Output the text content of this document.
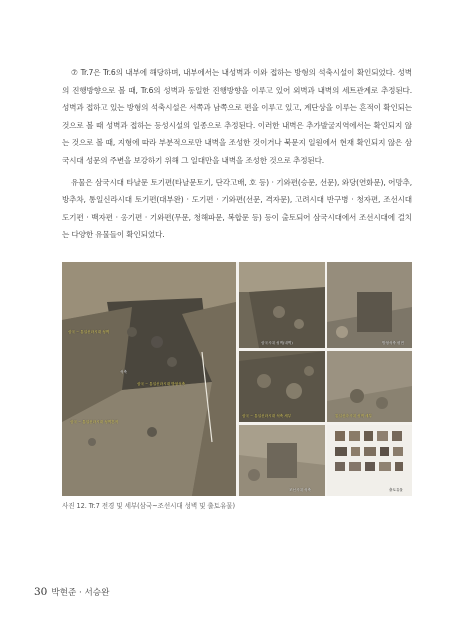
⑦ Tr.7은 Tr.6의 내부에 해당하며, 내부에서는 내성벽과 이와 접하는 방형의 석축시설이 확인되었다. 성벽의 진행방향으로 볼 때, Tr.6의 성벽과 동일한 진행방향을 이루고 있어 외벽과 내벽의 세트관계로 추정된다. 성벽과 접하고 있는 방형의 석축시설은 서쪽과 남쪽으로 편을 이루고 있고, 계단상을 이루는 흔적이 확인되는 것으로 볼 때 성벽과 접하는 등성시설의 일종으로 추정된다. 이러한 내벽은 추가발굴지역에서는 확인되지 않는 것으로 볼 때, 지형에 따라 부분적으로만 내벽을 조성한 것이거나 북문지 일원에서 현재 확인되지 않은 삼국시대 성문의 주변을 보강하기 위해 그 일대만을 내벽을 조성한 것으로 추정된다.

유물은 삼국시대 타날문 토기편(타날문토기, 단각고배, 호 등) · 기와편(승문, 선문), 와당(연화문), 어망추, 방추차, 통일신라시대 토기편(대부완) · 도기편 · 기와편(선문, 격자문), 고려시대 반구병 · 청자편, 조선시대 도기편 · 백자편 · 옹기편 · 기와편(무문, 청해파문, 복합문 등) 등이 출토되어 삼국시대에서 조선시대에 걸치는 다양한 유물들이 확인되었다.

삼국 ~ 통일신라시대 성벽
석축
삼국 ~ 통일신라시대 방형석축
삼국 ~ 통일신라시대 성벽흔적
삼국시대 성벽(내벽)	방형석축 평면
삼국 ~ 통일신라시대 석축 세부	통일신라시대 성벽 세부
조선시대 석축	출토유물
사진 12. Tr.7 전경 및 세부(삼국~조선시대 성벽 및 출토유물)
30 박현준 · 서승완
